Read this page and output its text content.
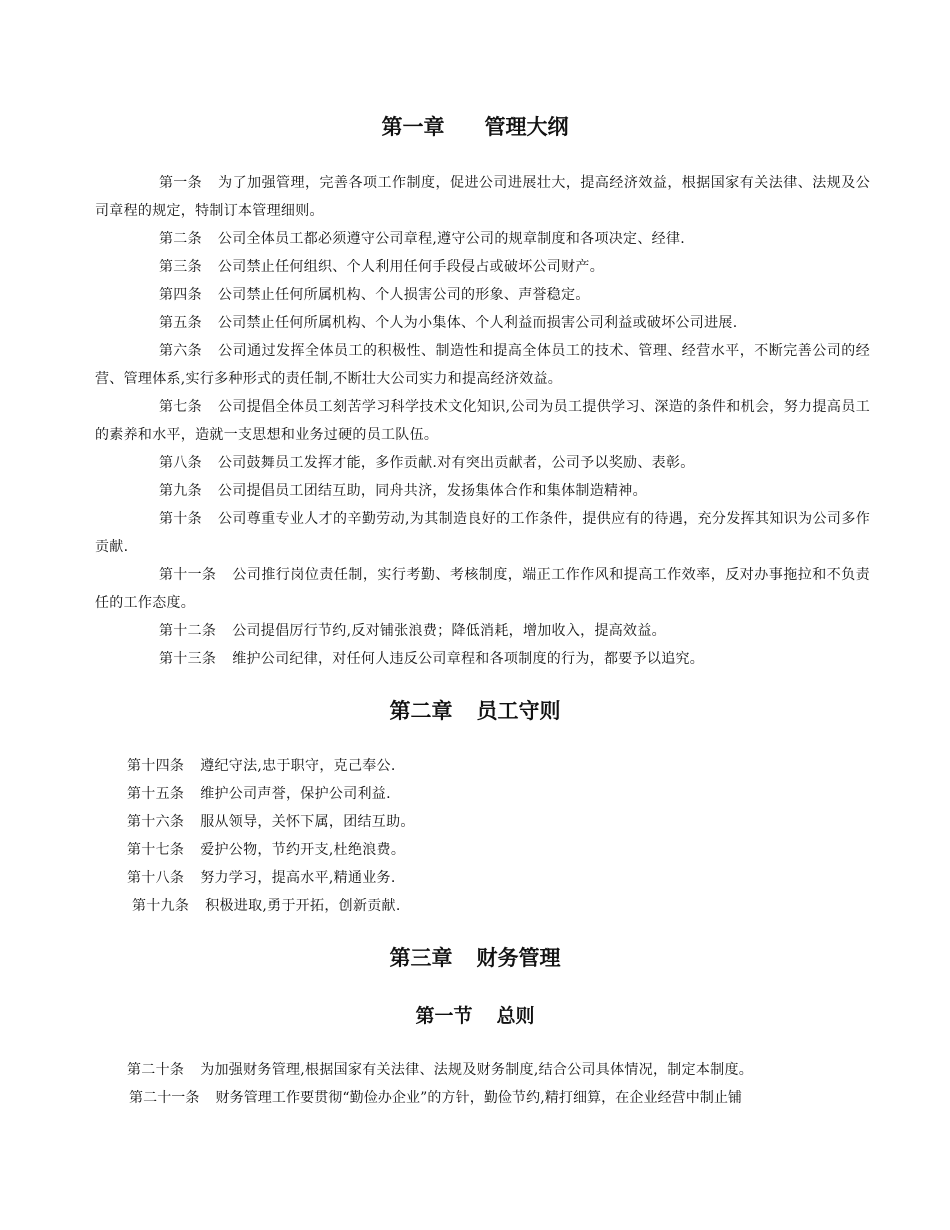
第一章 管理大纲
第一条 为了加强管理，完善各项工作制度，促进公司进展壮大，提高经济效益，根据国家有关法律、法规及公司章程的规定，特制订本管理细则。
第二条 公司全体员工都必须遵守公司章程,遵守公司的规章制度和各项决定、经律.
第三条 公司禁止任何组织、个人利用任何手段侵占或破坏公司财产。
第四条 公司禁止任何所属机构、个人损害公司的形象、声誉稳定。
第五条 公司禁止任何所属机构、个人为小集体、个人利益而损害公司利益或破坏公司进展.
第六条 公司通过发挥全体员工的积极性、制造性和提高全体员工的技术、管理、经营水平，不断完善公司的经营、管理体系,实行多种形式的责任制,不断壮大公司实力和提高经济效益。
第七条 公司提倡全体员工刻苦学习科学技术文化知识,公司为员工提供学习、深造的条件和机会，努力提高员工的素养和水平，造就一支思想和业务过硬的员工队伍。
第八条 公司鼓舞员工发挥才能，多作贡献.对有突出贡献者，公司予以奖励、表彰。
第九条 公司提倡员工团结互助，同舟共济，发扬集体合作和集体制造精神。
第十条 公司尊重专业人才的辛勤劳动,为其制造良好的工作条件，提供应有的待遇，充分发挥其知识为公司多作贡献.
第十一条 公司推行岗位责任制，实行考勤、考核制度，端正工作作风和提高工作效率，反对办事拖拉和不负责任的工作态度。
第十二条 公司提倡厉行节约,反对铺张浪费；降低消耗，增加收入，提高效益。
第十三条 维护公司纪律，对任何人违反公司章程和各项制度的行为，都要予以追究。
第二章 员工守则
第十四条 遵纪守法,忠于职守，克己奉公.
第十五条 维护公司声誉，保护公司利益.
第十六条 服从领导，关怀下属，团结互助。
第十七条 爱护公物，节约开支,杜绝浪费。
第十八条 努力学习，提高水平,精通业务.
第十九条 积极进取,勇于开拓，创新贡献.
第三章 财务管理
第一节 总则
第二十条 为加强财务管理,根据国家有关法律、法规及财务制度,结合公司具体情况，制定本制度。
第二十一条 财务管理工作要贯彻“勤俭办企业”的方针，勤俭节约,精打细算，在企业经营中制止铺
